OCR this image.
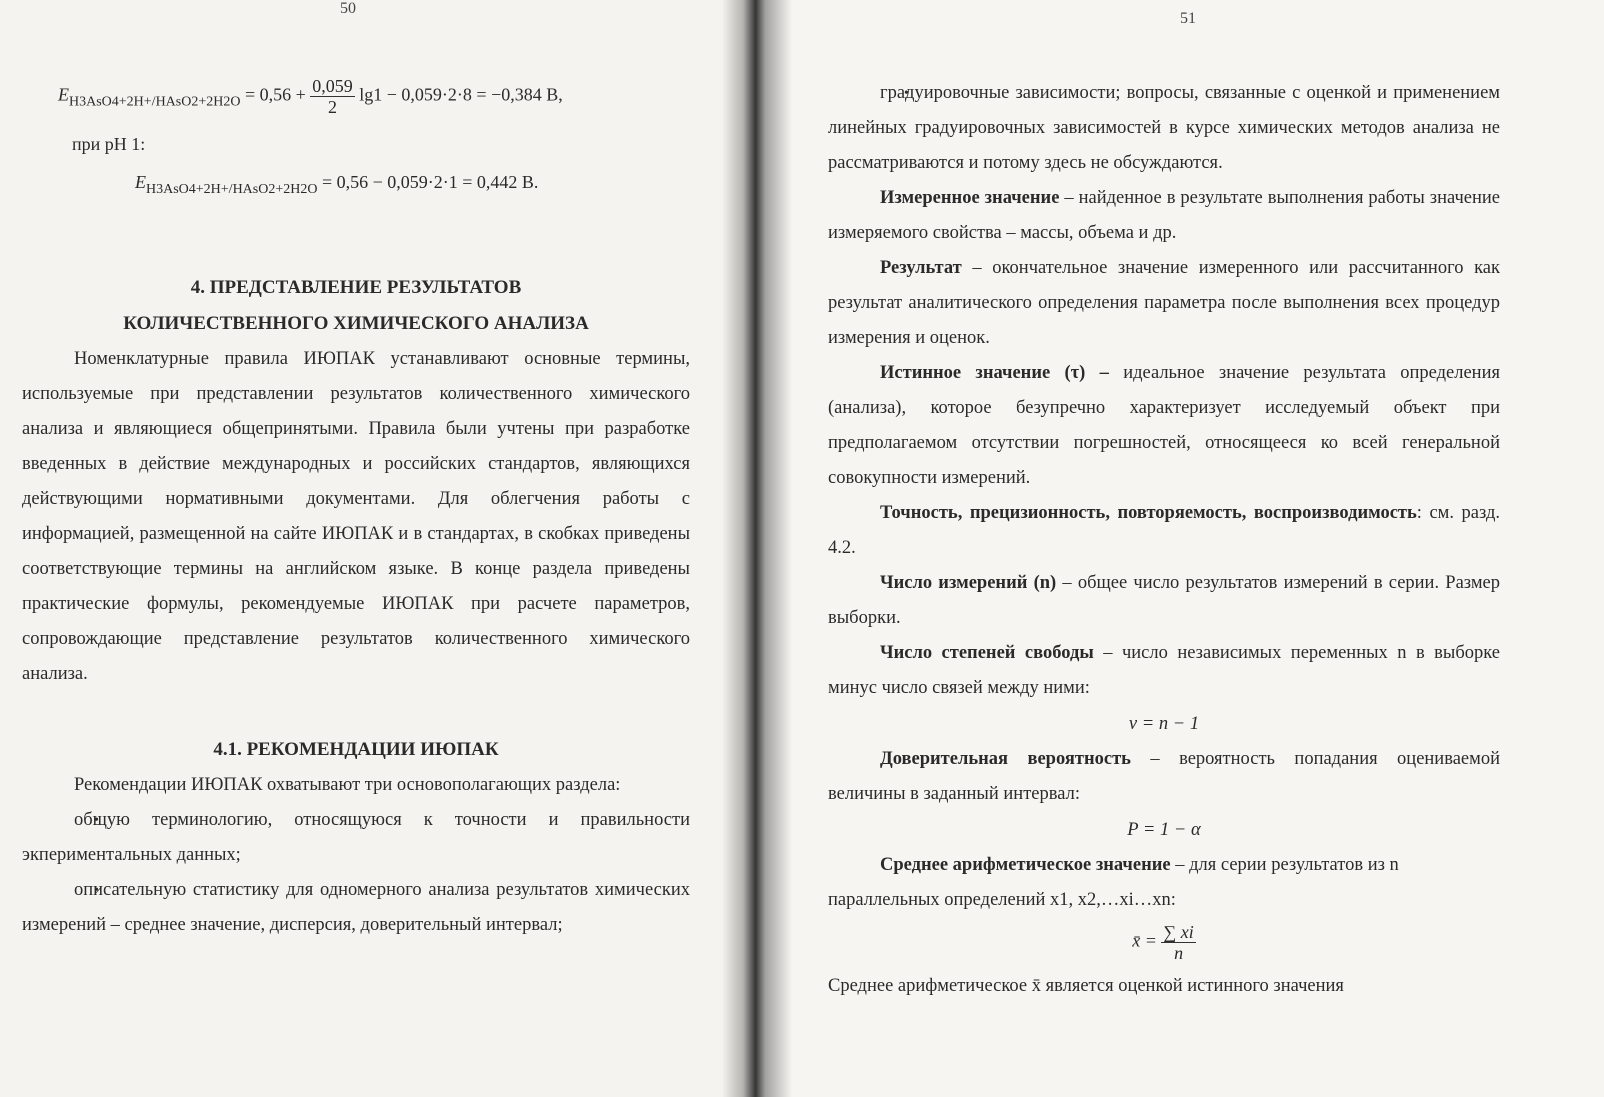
50
$E_{H3AsO4+2H+/HAsO2+2H2O} = 0,56 + \frac{0,059}{2} \lg 1 - 0,059\cdot 2\cdot 8 = -0,384$ В,
при pH 1:
$E_{H3AsO4+2H+/HAsO2+2H2O} = 0,56 - 0,059\cdot 2\cdot 1 = 0,442$ В.
4. ПРЕДСТАВЛЕНИЕ РЕЗУЛЬТАТОВ
КОЛИЧЕСТВЕННОГО ХИМИЧЕСКОГО АНАЛИЗА

Номенклатурные правила ИЮПАК устанавливают основные термины, используемые при представлении результатов количественного химического анализа и являющиеся общепринятыми. Правила были учтены при разработке введенных в действие международных и российских стандартов, являющихся действующими нормативными документами. Для облегчения работы с информацией, размещенной на сайте ИЮПАК и в стандартах, в скобках приведены соответствующие термины на английском языке. В конце раздела приведены практические формулы, рекомендуемые ИЮПАК при расчете параметров, сопровождающие представление результатов количественного химического анализа.

4.1. РЕКОМЕНДАЦИИ ИЮПАК

Рекомендации ИЮПАК охватывают три основополагающих раздела:

общую терминологию, относящуюся к точности и правильности экпериментальных данных;

описательную статистику для одномерного анализа результатов химических измерений – среднее значение, дисперсия, доверительный интервал;

51

градуировочные зависимости; вопросы, связанные с оценкой и применением линейных градуировочных зависимостей в курсе химических методов анализа не рассматриваются и потому здесь не обсуждаются.

Измеренное значение – найденное в результате выполнения работы значение измеряемого свойства – массы, объема и др.

Результат – окончательное значение измеренного или рассчитанного как результат аналитического определения параметра после выполнения всех процедур измерения и оценок.

Истинное значение (τ) – идеальное значение результата определения (анализа), которое безупречно характеризует исследуемый объект при предполагаемом отсутствии погрешностей, относящееся ко всей генеральной совокупности измерений.

Точность, прецизионность, повторяемость, воспроизводимость: см. разд. 4.2.

Число измерений (n) – общее число результатов измерений в серии. Размер выборки.

Число степеней свободы – число независимых переменных n в выборке минус число связей между ними:

ν = n − 1

Доверительная вероятность – вероятность попадания оцениваемой величины в заданный интервал:

P = 1 − α

Среднее арифметическое значение – для серии результатов из n

параллельных определений x1, x2,…xi…xn:

x̄ = $\frac{\sum xi}{n}$

Среднее арифметическое x̄ является оценкой истинного значения
